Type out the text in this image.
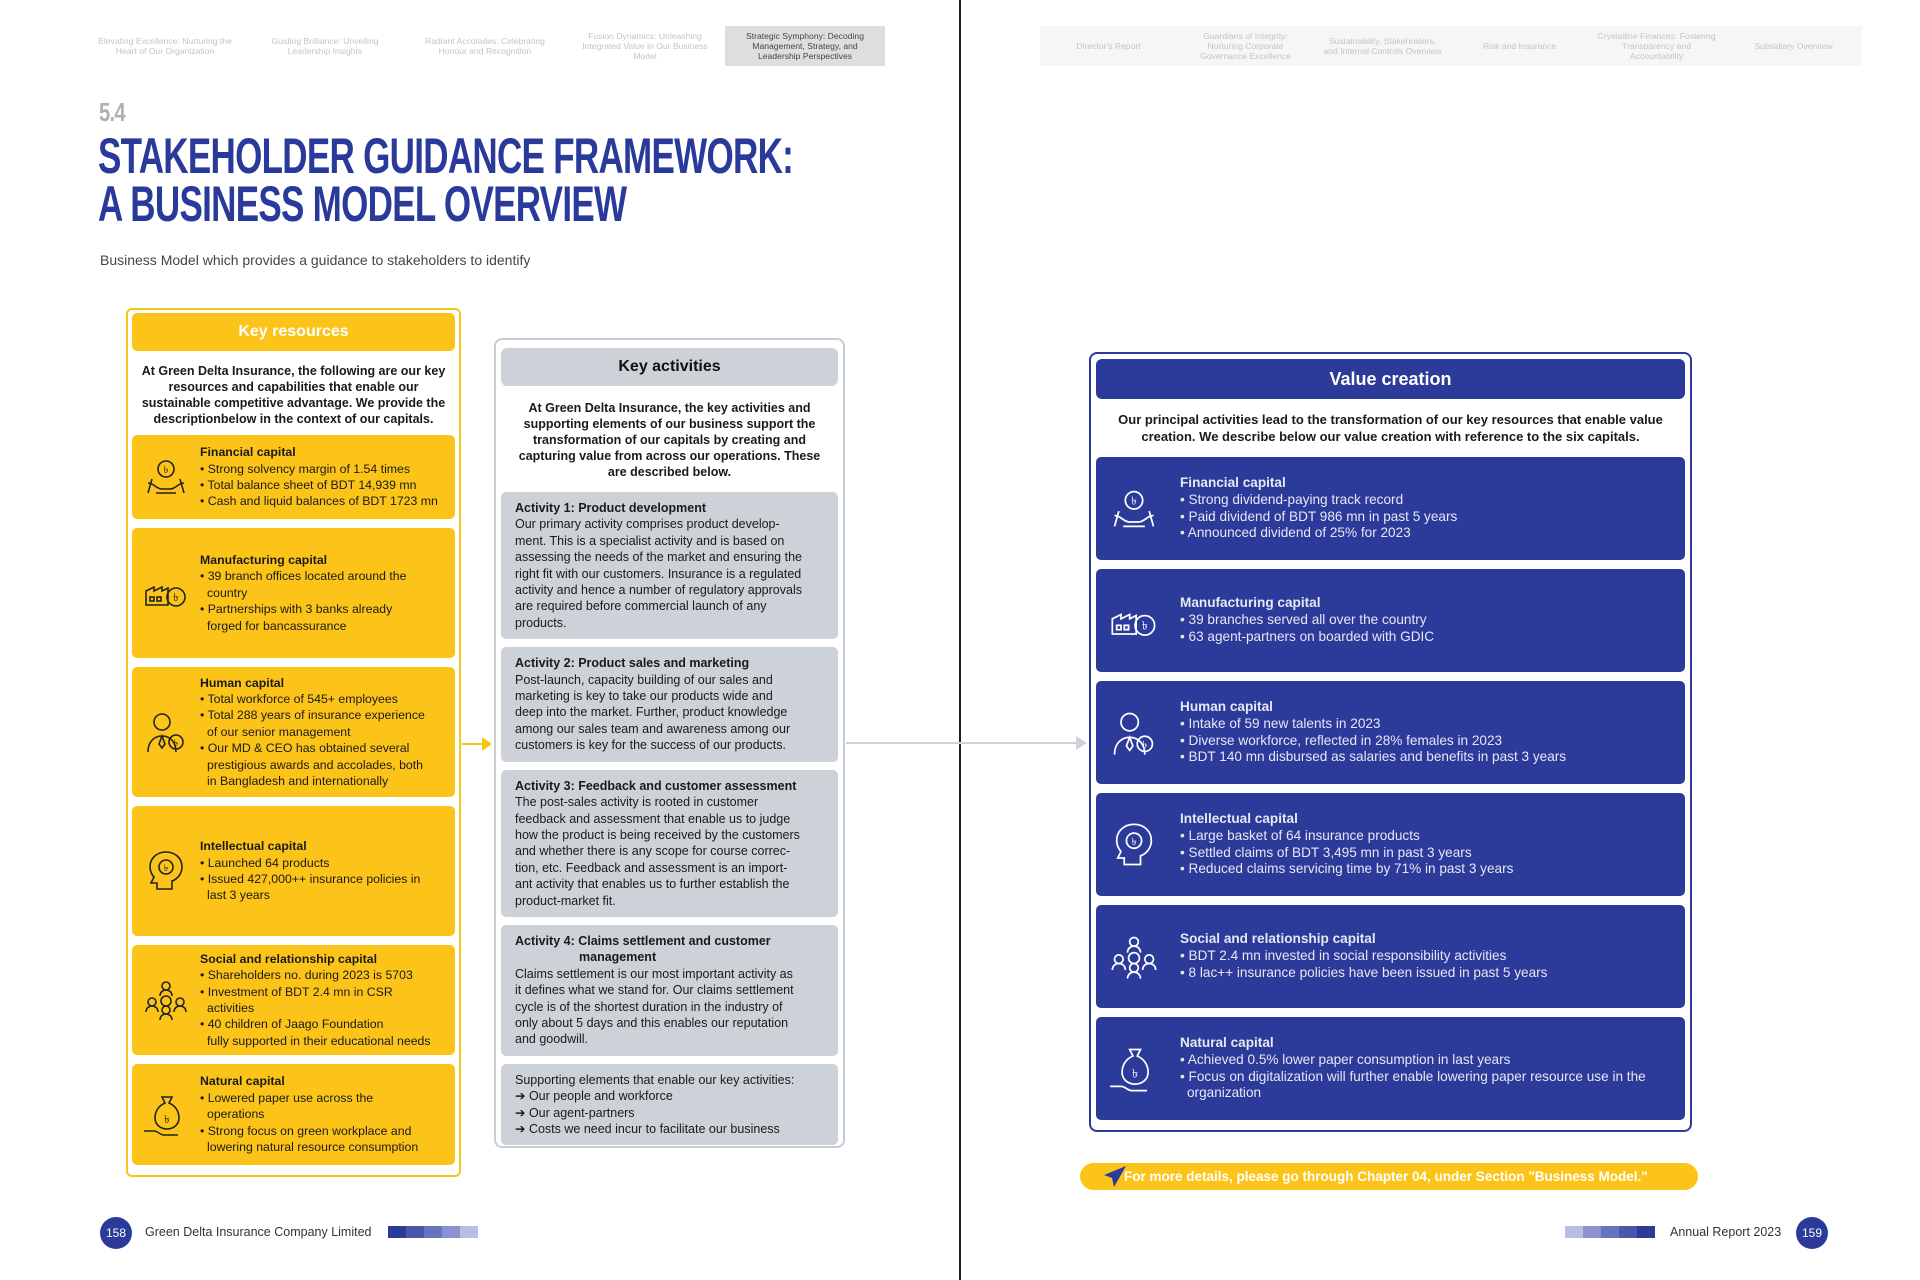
Elevating Excellence: Nurturing the Heart of Our Organization
Guiding Brilliance: Unveiling Leadership Insights
Radiant Accolades: Celebrating Honour and Recognition
Fusion Dynamics: Unleashing Integrated Value in Our Business Model
Strategic Symphony: Decoding Management, Strategy, and Leadership Perspectives
Director's Report
Guardians of Integrity: Nurturing Corporate Governance Excellence
Sustainability, Stakeholders, and Internal Controls Overview	Risk and Insurance
Crystalline Finances: Fostering Transparency and Accountability
Subsidiary Overview
5.4
STAKEHOLDER GUIDANCE FRAMEWORK:
A BUSINESS MODEL OVERVIEW
Business Model which provides a guidance to stakeholders to identify
Key resources
At Green Delta Insurance, the following are our key resources and capabilities that enable our sustainable competitive advantage. We provide the descriptionbelow in the context of our capitals.
৳
Financial capital
• Strong solvency margin of 1.54 times
• Total balance sheet of BDT 14,939 mn
• Cash and liquid balances of BDT 1723 mn
৳
Manufacturing capital
• 39 branch offices located around the
country
• Partnerships with 3 banks already
forged for bancassurance
৳
Human capital
• Total workforce of 545+ employees
• Total 288 years of insurance experience
of our senior management
• Our MD & CEO has obtained several
prestigious awards and accolades, both
in Bangladesh and internationally
৳
Intellectual capital
• Launched 64 products
• Issued 427,000++ insurance policies in
last 3 years
Social and relationship capital
• Shareholders no. during 2023 is 5703
• Investment of BDT 2.4 mn in CSR
activities
• 40 children of Jaago Foundation
fully supported in their educational needs
৳
Natural capital
• Lowered paper use across the
operations
• Strong focus on green workplace and
lowering natural resource consumption
Key activities
At Green Delta Insurance, the key activities and supporting elements of our business support the transformation of our capitals by creating and capturing value from across our operations. These are described below.
Activity 1: Product development
Our primary activity comprises product develop-
ment. This is a specialist activity and is based on
assessing the needs of the market and ensuring the
right fit with our customers. Insurance is a regulated
activity and hence a number of regulatory approvals
are required before commercial launch of any
products.
Activity 2: Product sales and marketing
Post-launch, capacity building of our sales and
marketing is key to take our products wide and
deep into the market. Further, product knowledge
among our sales team and awareness among our
customers is key for the success of our products.
Activity 3: Feedback and customer assessment
The post-sales activity is rooted in customer
feedback and assessment that enable us to judge
how the product is being received by the customers
and whether there is any scope for course correc-
tion, etc. Feedback and assessment is an import-
ant activity that enables us to further establish the
product-market fit.
Activity 4: Claims settlement and customer
management
Claims settlement is our most important activity as
it defines what we stand for. Our claims settlement
cycle is of the shortest duration in the industry of
only about 5 days and this enables our reputation
and goodwill.
Supporting elements that enable our key activities:
➔ Our people and workforce
➔ Our agent-partners
➔ Costs we need incur to facilitate our business
Value creation
Our principal activities lead to the transformation of our key resources that enable value creation. We describe below our value creation with reference to the six capitals.
৳
Financial capital
• Strong dividend-paying track record
• Paid dividend of BDT 986 mn in past 5 years
• Announced dividend of 25% for 2023
৳
Manufacturing capital
• 39 branches served all over the country
• 63 agent-partners on boarded with GDIC
৳
Human capital
• Intake of 59 new talents in 2023
• Diverse workforce, reflected in 28% females in 2023
• BDT 140 mn disbursed as salaries and benefits in past 3 years
৳
Intellectual capital
• Large basket of 64 insurance products
• Settled claims of BDT 3,495 mn in past 3 years
• Reduced claims servicing time by 71% in past 3 years
Social and relationship capital
• BDT 2.4 mn invested in social responsibility activities
• 8 lac++ insurance policies have been issued in past 5 years
৳
Natural capital
• Achieved 0.5% lower paper consumption in last years
• Focus on digitalization will further enable lowering paper resource use in the
organization
For more details, please go through Chapter 04, under Section "Business Model."
158	Green Delta Insurance Company Limited	Annual Report 2023	159
